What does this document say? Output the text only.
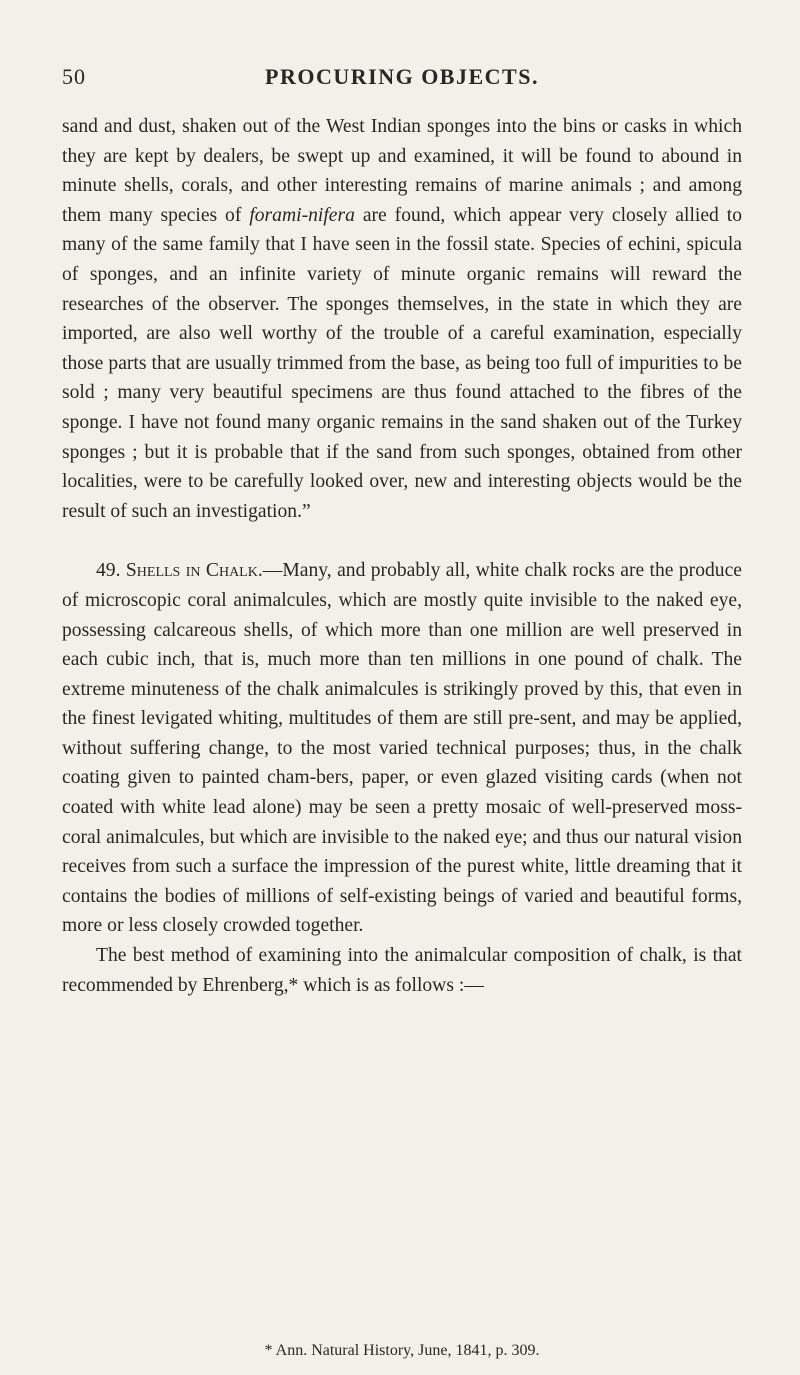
50	PROCURING OBJECTS.

sand and dust, shaken out of the West Indian sponges into the bins or casks in which they are kept by dealers, be swept up and examined, it will be found to abound in minute shells, corals, and other interesting remains of marine animals ; and among them many species of forami-nifera are found, which appear very closely allied to many of the same family that I have seen in the fossil state. Species of echini, spicula of sponges, and an infinite variety of minute organic remains will reward the researches of the observer. The sponges themselves, in the state in which they are imported, are also well worthy of the trouble of a careful examination, especially those parts that are usually trimmed from the base, as being too full of impurities to be sold ; many very beautiful specimens are thus found attached to the fibres of the sponge. I have not found many organic remains in the sand shaken out of the Turkey sponges ; but it is probable that if the sand from such sponges, obtained from other localities, were to be carefully looked over, new and interesting objects would be the result of such an investigation.”

49. Shells in Chalk.—Many, and probably all, white chalk rocks are the produce of microscopic coral animalcules, which are mostly quite invisible to the naked eye, possessing calcareous shells, of which more than one million are well preserved in each cubic inch, that is, much more than ten millions in one pound of chalk. The extreme minuteness of the chalk animalcules is strikingly proved by this, that even in the finest levigated whiting, multitudes of them are still pre-sent, and may be applied, without suffering change, to the most varied technical purposes; thus, in the chalk coating given to painted cham-bers, paper, or even glazed visiting cards (when not coated with white lead alone) may be seen a pretty mosaic of well-preserved moss-coral animalcules, but which are invisible to the naked eye; and thus our natural vision receives from such a surface the impression of the purest white, little dreaming that it contains the bodies of millions of self-existing beings of varied and beautiful forms, more or less closely crowded together.

The best method of examining into the animalcular composition of chalk, is that recommended by Ehrenberg,* which is as follows :—

* Ann. Natural History, June, 1841, p. 309.
